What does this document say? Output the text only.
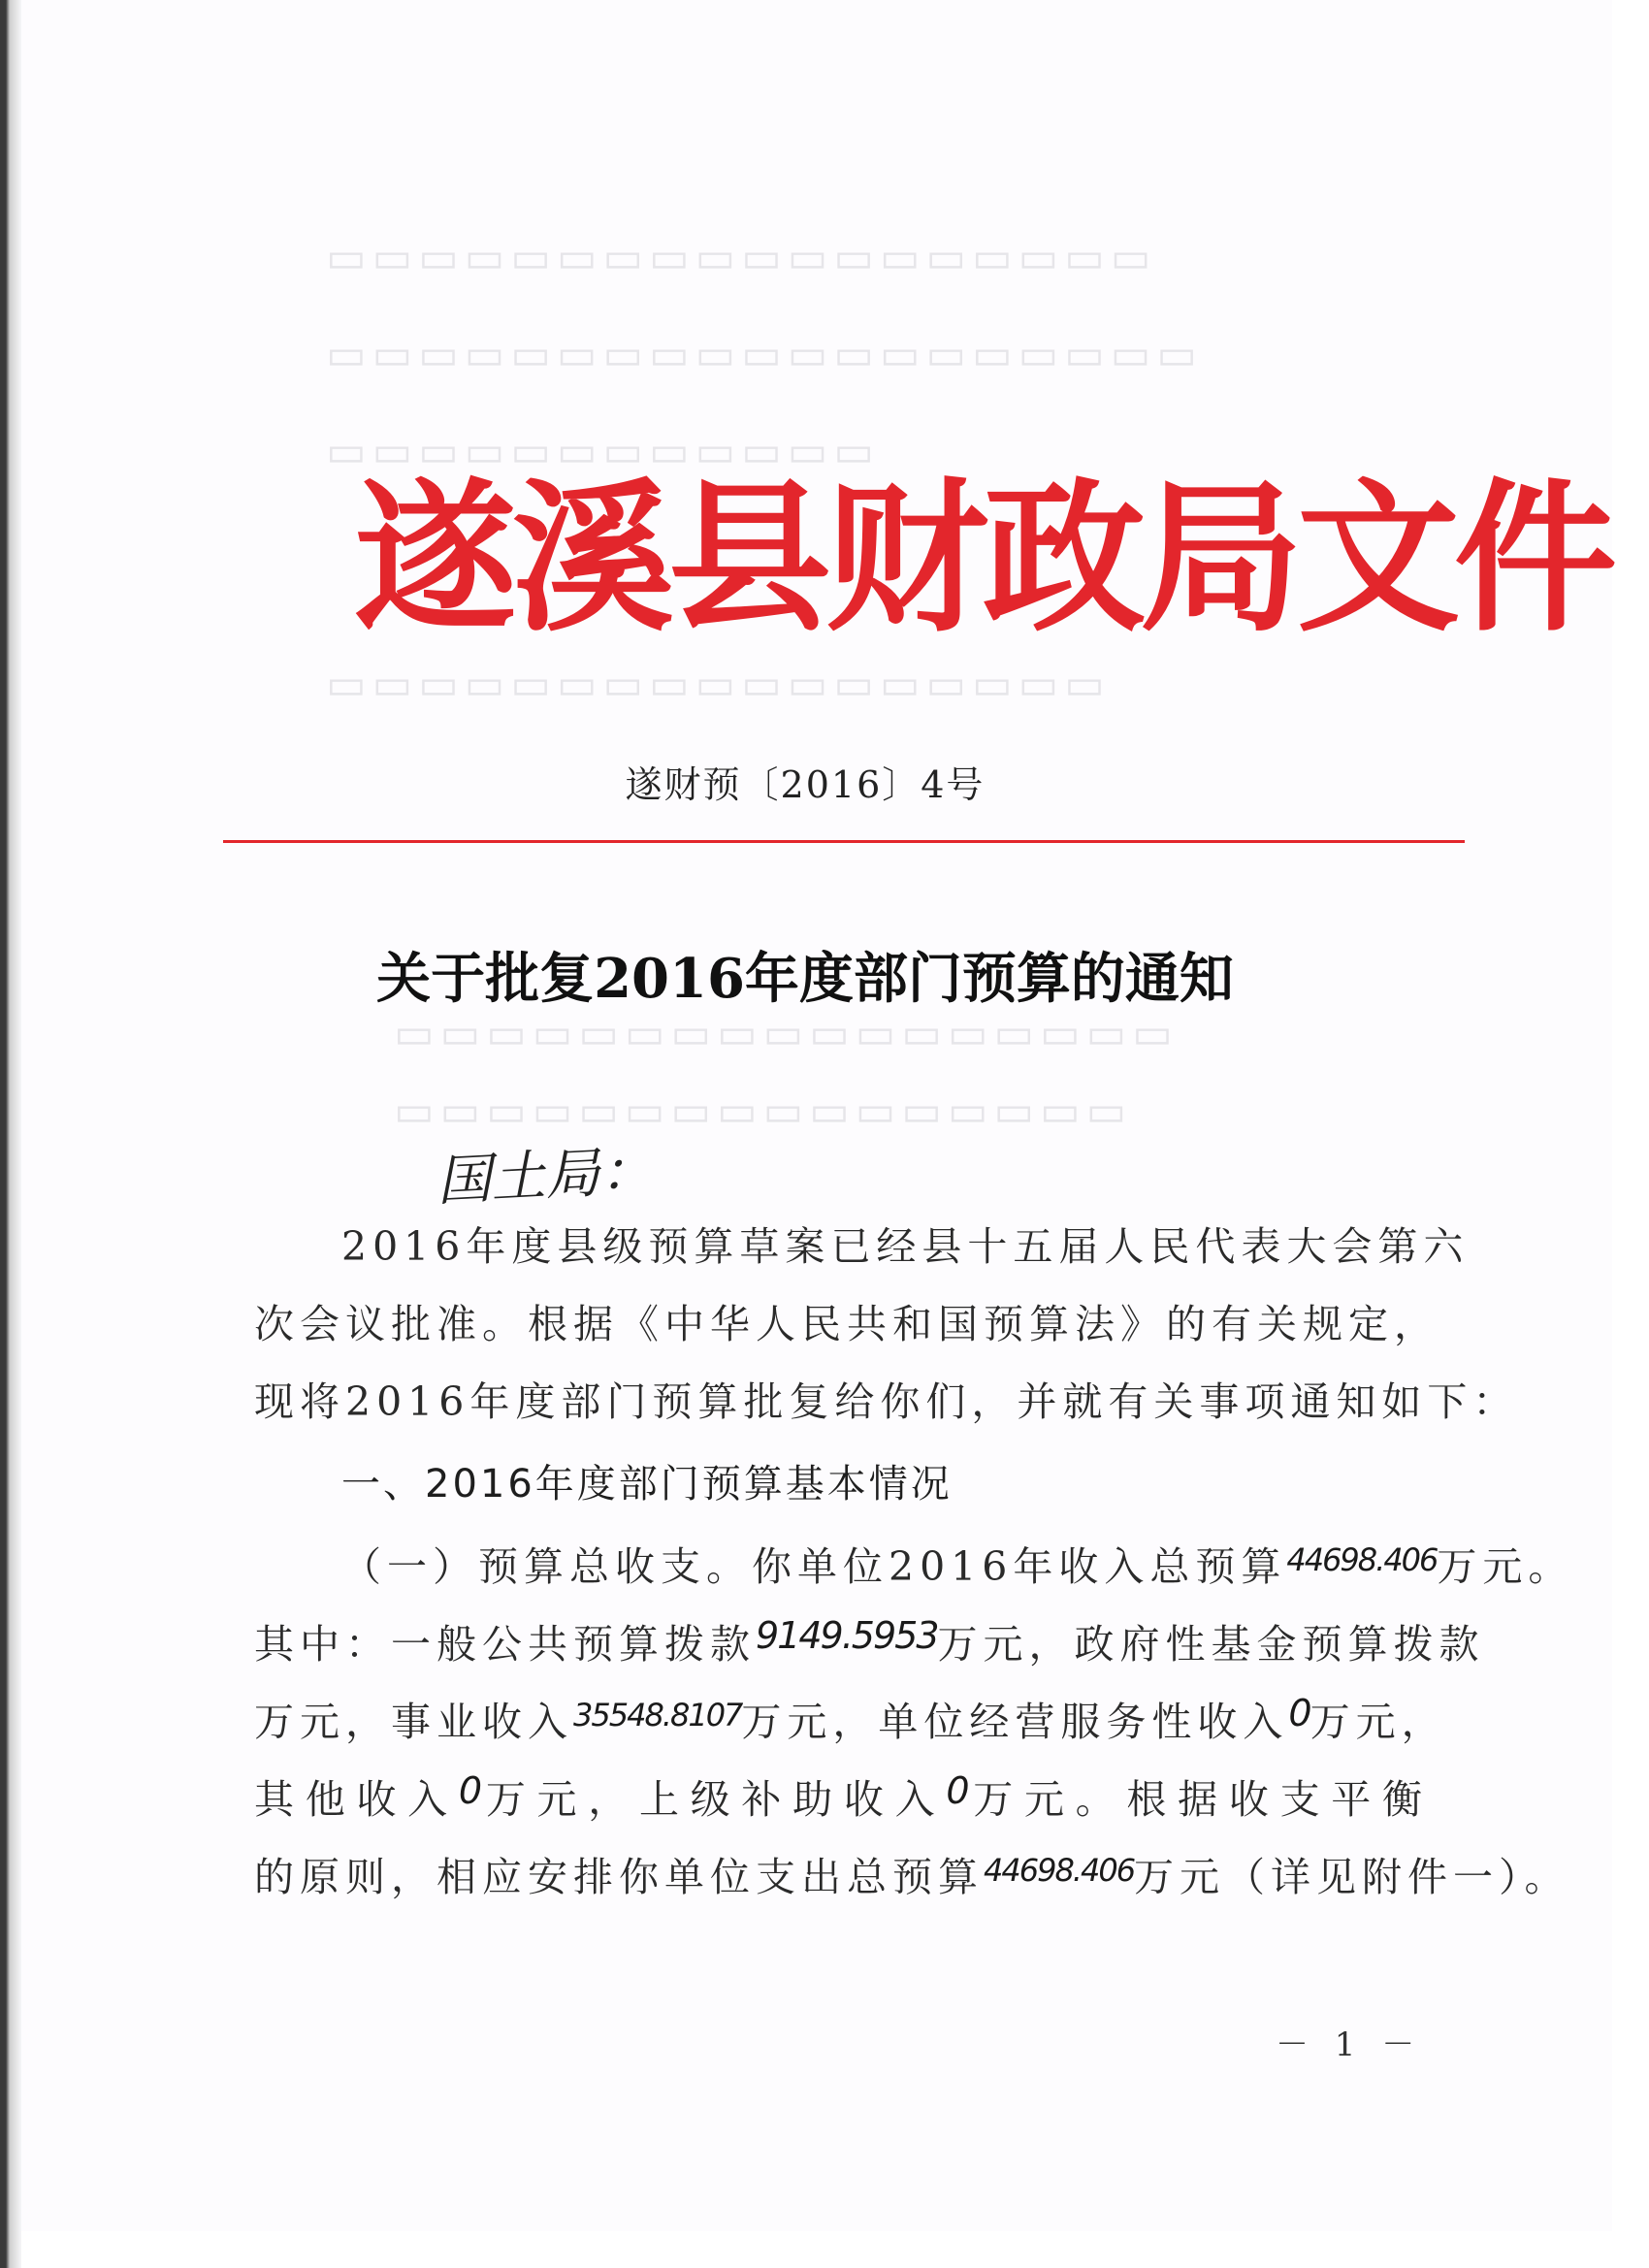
▭▭▭▭▭▭▭▭▭▭▭▭▭▭▭▭▭▭
▭▭▭▭▭▭▭▭▭▭▭▭▭▭▭▭▭▭▭
▭▭▭▭▭▭▭▭▭▭▭▭
▭▭▭▭▭▭▭▭▭▭▭▭▭▭▭▭▭
▭▭▭▭▭▭▭▭▭▭▭▭▭▭▭▭▭
▭▭▭▭▭▭▭▭▭▭▭▭▭▭▭▭
遂溪县财政局文件
遂财预〔2016〕4号
关于批复2016年度部门预算的通知
国土局：
2016年度县级预算草案已经县十五届人民代表大会第六
次会议批准。根据《中华人民共和国预算法》的有关规定，
现将2016年度部门预算批复给你们，并就有关事项通知如下：
一、2016年度部门预算基本情况
（一）预算总收支。你单位2016年收入总预算44698.406万元。
其中：一般公共预算拨款9149.5953万元，政府性基金预算拨款
万元，事业收入35548.8107万元，单位经营服务性收入0万元，
其他收入0万元，上级补助收入0万元。根据收支平衡
的原则，相应安排你单位支出总预算44698.406万元（详见附件一）。
－ 1 －
